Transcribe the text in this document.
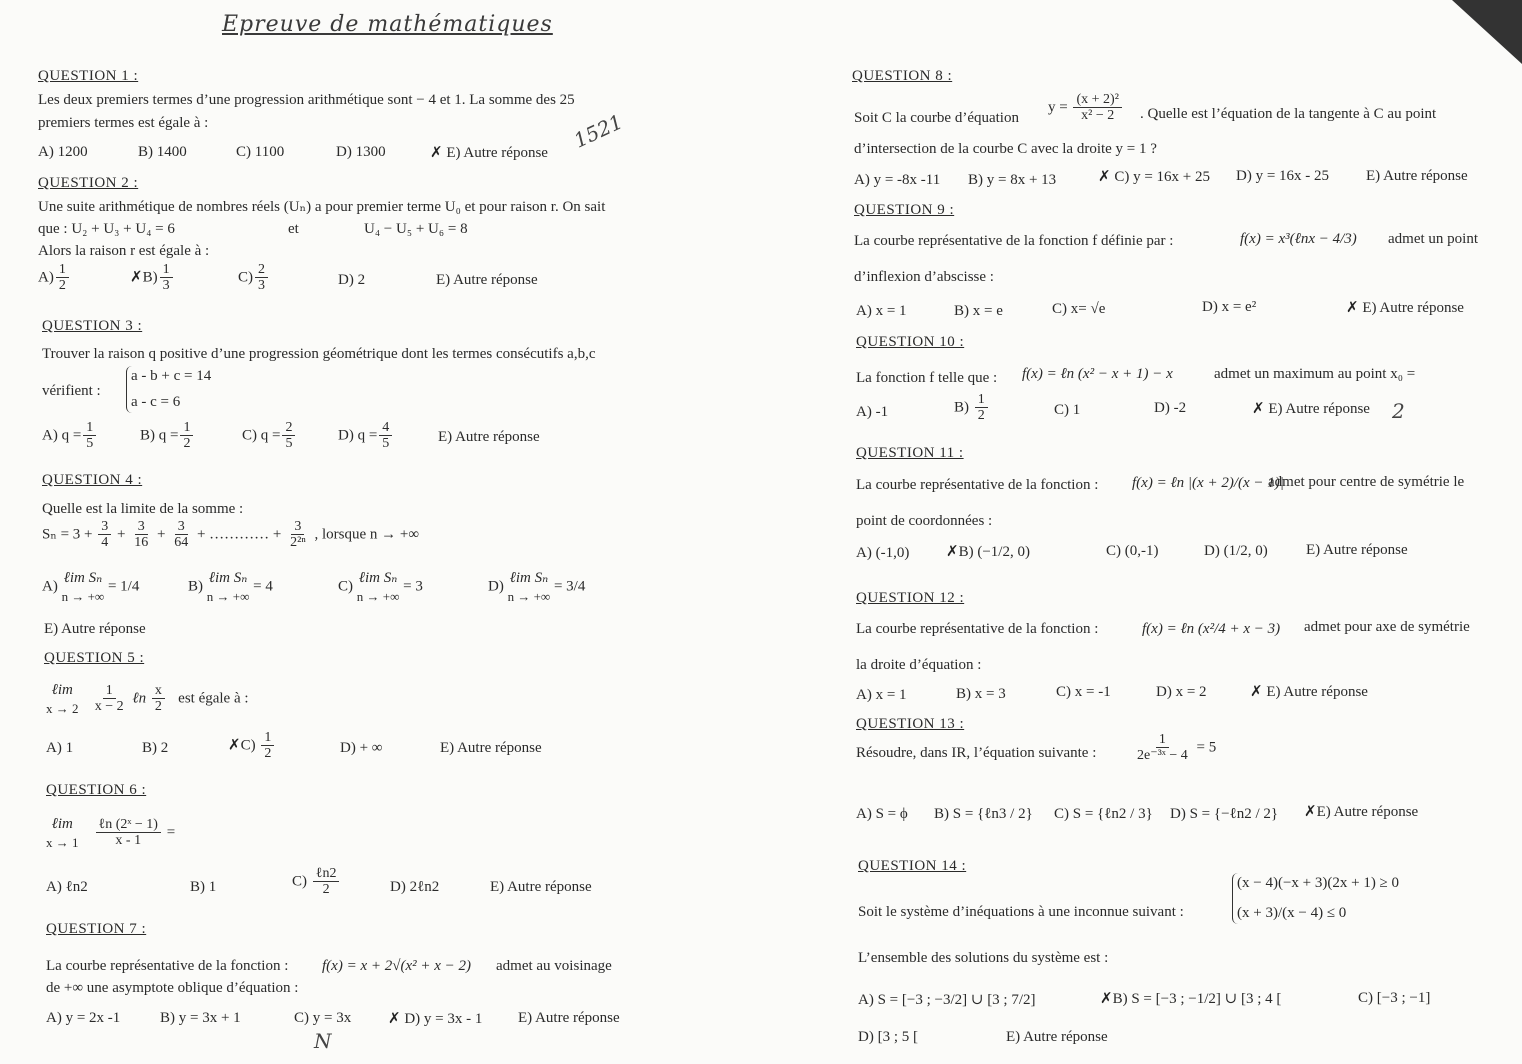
Epreuve de mathématiques
QUESTION 1 :
Les deux premiers termes d’une progression arithmétique sont − 4 et 1. La somme des 25
premiers termes est égale à :
A) 1200	B) 1400	C) 1100	D) 1300	✗ E) Autre réponse
1521
QUESTION 2 :
Une suite arithmétique de nombres réels (Uₙ) a pour premier terme U₀ et pour raison r. On sait
que : U₂ + U₃ + U₄ = 6	et	U₄ − U₅ + U₆ = 8
Alors la raison r est égale à :
$A) \frac{1}{2}$	✗B) $\frac{1}{3}$	$C) \frac{2}{3}$	D) 2	E) Autre réponse
QUESTION 3 :
Trouver la raison q positive d’une progression géométrique dont les termes consécutifs a,b,c
vérifient :
a - b + c = 14
a - c = 6
A) $q = \frac{1}{5}$	B) $q = \frac{1}{2}$	C) $q = \frac{2}{5}$	D) $q = \frac{4}{5}$	E) Autre réponse
QUESTION 4 :
Quelle est la limite de la somme :
$S_n = 3 + \frac{3}{4} + \frac{3}{16} + \frac{3}{64}$ + ………… + $\frac{3}{\text{2²ⁿ}}$ , lorsque n → +∞
A)
ℓim Sₙ
n → +∞
= 1/4	B)
ℓim Sₙ
n → +∞
= 4	C)
ℓim Sₙ
n → +∞
= 3	D)
ℓim Sₙ
n → +∞
= 3/4
E) Autre réponse
QUESTION 5 :
ℓim
x → 2
$\frac{1}{x - 2}$ ℓn $\frac{x}{2}$ est égale à :
A) 1	B) 2	✗C) $\frac{1}{2}$	D) + ∞	E) Autre réponse
QUESTION 6 :
ℓim
x → 1
$\frac{\text{ℓn (2ˣ − 1)}}{x - 1}$ =
A) ℓn2	B) 1	$C) \frac{\text{ℓn2}}{2}$	D) 2ℓn2	E) Autre réponse
QUESTION 7 :
La courbe représentative de la fonction : f(x) = x + 2√(x² + x − 2) admet au voisinage
de +∞ une asymptote oblique d’équation :
A) y = 2x -1	B) y = 3x + 1	C) y = 3x ✗ D) y = 3x - 1 E) Autre réponse
N
QUESTION 8 :
Soit C la courbe d’équation
$y = \frac{\text{(x + 2)²}}{\text{x² − 2}}$ . Quelle est l’équation de la tangente à C au point
d’intersection de la courbe C avec la droite y = 1 ?
A) y = -8x -11 B) y = 8x + 13	✗ C) y = 16x + 25 D) y = 16x - 25 E) Autre réponse
QUESTION 9 :
La courbe représentative de la fonction f définie par :	f(x) = x³(ℓnx − 4/3) admet un point
d’inflexion d’abscisse :
A) x = 1	B) x = e	C) x= √e	D) x = e²	✗ E) Autre réponse
QUESTION 10 :
La fonction f telle que : f(x) = ℓn (x² − x + 1) − x	admet un maximum au point x₀ =
A) -1	$B) \frac{1}{2}$	C) 1	D) -2	✗ E) Autre réponse 2
QUESTION 11 :
La courbe représentative de la fonction : f(x) = ℓn |(x + 2)/(x − 1)|
admet pour centre de symétrie le
point de coordonnées :
A) (-1,0) ✗B) (−1/2, 0)	C) (0,-1)	D) (1/2, 0)	E) Autre réponse
QUESTION 12 :
La courbe représentative de la fonction :	f(x) = ℓn (x²/4 + x − 3) admet pour axe de symétrie
la droite d’équation :
A) x = 1	B) x = 3	C) x = -1	D) x = 2	✗ E) Autre réponse
QUESTION 13 :
Résoudre, dans IR, l’équation suivante :	$\frac{1}{\text{2e⁻³ˣ − 4}} = 5$
A) S = ϕ B) S = {ℓn3 / 2} C) S = {ℓn2 / 3} D) S = {−ℓn2 / 2} ✗E) Autre réponse
QUESTION 14 :
Soit le système d’inéquations à une inconnue suivant :
(x − 4)(−x + 3)(2x + 1) ≥ 0
(x + 3)/(x − 4) ≤ 0
L’ensemble des solutions du système est :
A) S = [−3 ; −3/2] ∪ [3 ; 7/2]	✗B) S = [−3 ; −1/2] ∪ [3 ; 4 [	C) [−3 ; −1]
D) [3 ; 5 [	E) Autre réponse
